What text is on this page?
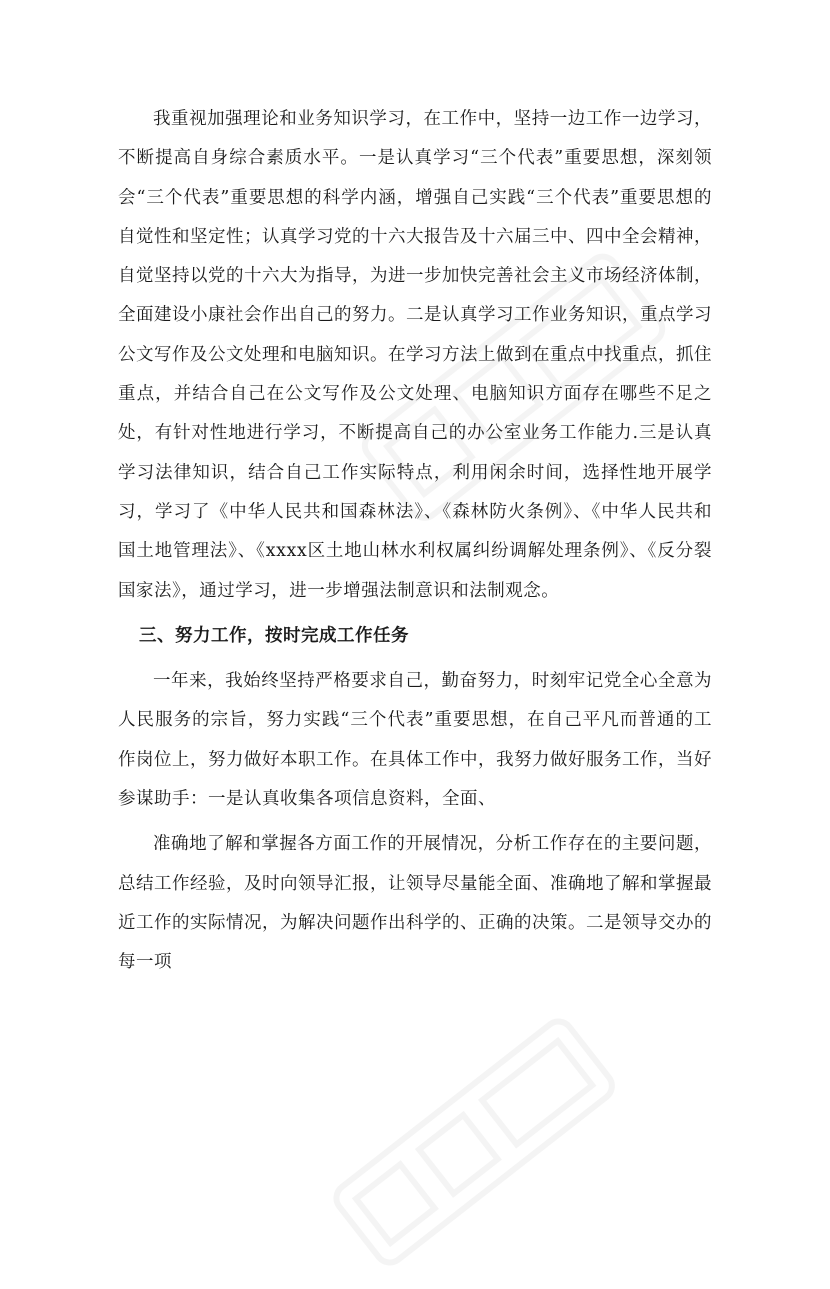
我重视加强理论和业务知识学习，在工作中，坚持一边工作一边学习，不断提高自身综合素质水平。一是认真学习“三个代表”重要思想，深刻领会“三个代表”重要思想的科学内涵，增强自己实践“三个代表”重要思想的自觉性和坚定性；认真学习党的十六大报告及十六届三中、四中全会精神，自觉坚持以党的十六大为指导，为进一步加快完善社会主义市场经济体制，全面建设小康社会作出自己的努力。二是认真学习工作业务知识，重点学习公文写作及公文处理和电脑知识。在学习方法上做到在重点中找重点，抓住重点，并结合自己在公文写作及公文处理、电脑知识方面存在哪些不足之处，有针对性地进行学习，不断提高自己的办公室业务工作能力.三是认真学习法律知识，结合自己工作实际特点，利用闲余时间，选择性地开展学习，学习了《中华人民共和国森林法》、《森林防火条例》、《中华人民共和国土地管理法》、《xxxx区土地山林水利权属纠纷调解处理条例》、《反分裂国家法》，通过学习，进一步增强法制意识和法制观念。

三、努力工作，按时完成工作任务

一年来，我始终坚持严格要求自己，勤奋努力，时刻牢记党全心全意为人民服务的宗旨，努力实践“三个代表”重要思想，在自己平凡而普通的工作岗位上，努力做好本职工作。在具体工作中，我努力做好服务工作，当好参谋助手：一是认真收集各项信息资料，全面、

准确地了解和掌握各方面工作的开展情况，分析工作存在的主要问题，总结工作经验，及时向领导汇报，让领导尽量能全面、准确地了解和掌握最近工作的实际情况，为解决问题作出科学的、正确的决策。二是领导交办的每一项
